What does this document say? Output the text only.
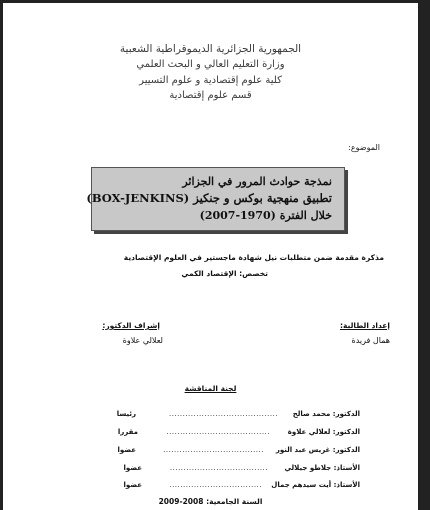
الجمهورية الجزائرية الديموقراطية الشعبية
وزارة التعليم العالي و البحث العلمي
كلية علوم إقتصادية و علوم التسيير
قسم علوم إقتصادية
الموضوع:
نمذجة حوادث المرور في الجزائر
تطبيق منهجية بوكس و جنكيز (BOX-JENKINS)
خلال الفترة (1970-2007)
مذكرة مقدمة ضمن متطلبات نيل شهادة ماجستير في العلوم الإقتصادية
تخصص: الإقتصاد الكمي
إعداد الطالبة:
همال فريدة
إشراف الدكتور:
لعلالي علاوة
لجنة المناقشة
الدكتور: محمد صالح
........................................
رئيسا
الدكتور: لعلالي علاوة
......................................
مقررا
الدكتور: غريس عبد النور
.....................................
عضوا
الأستاذ: جلاطو جيلالي
....................................
عضوا
الأستاذ: أيت سيدهم جمال
..................................
عضوا
السنة الجامعية: 2008-2009
